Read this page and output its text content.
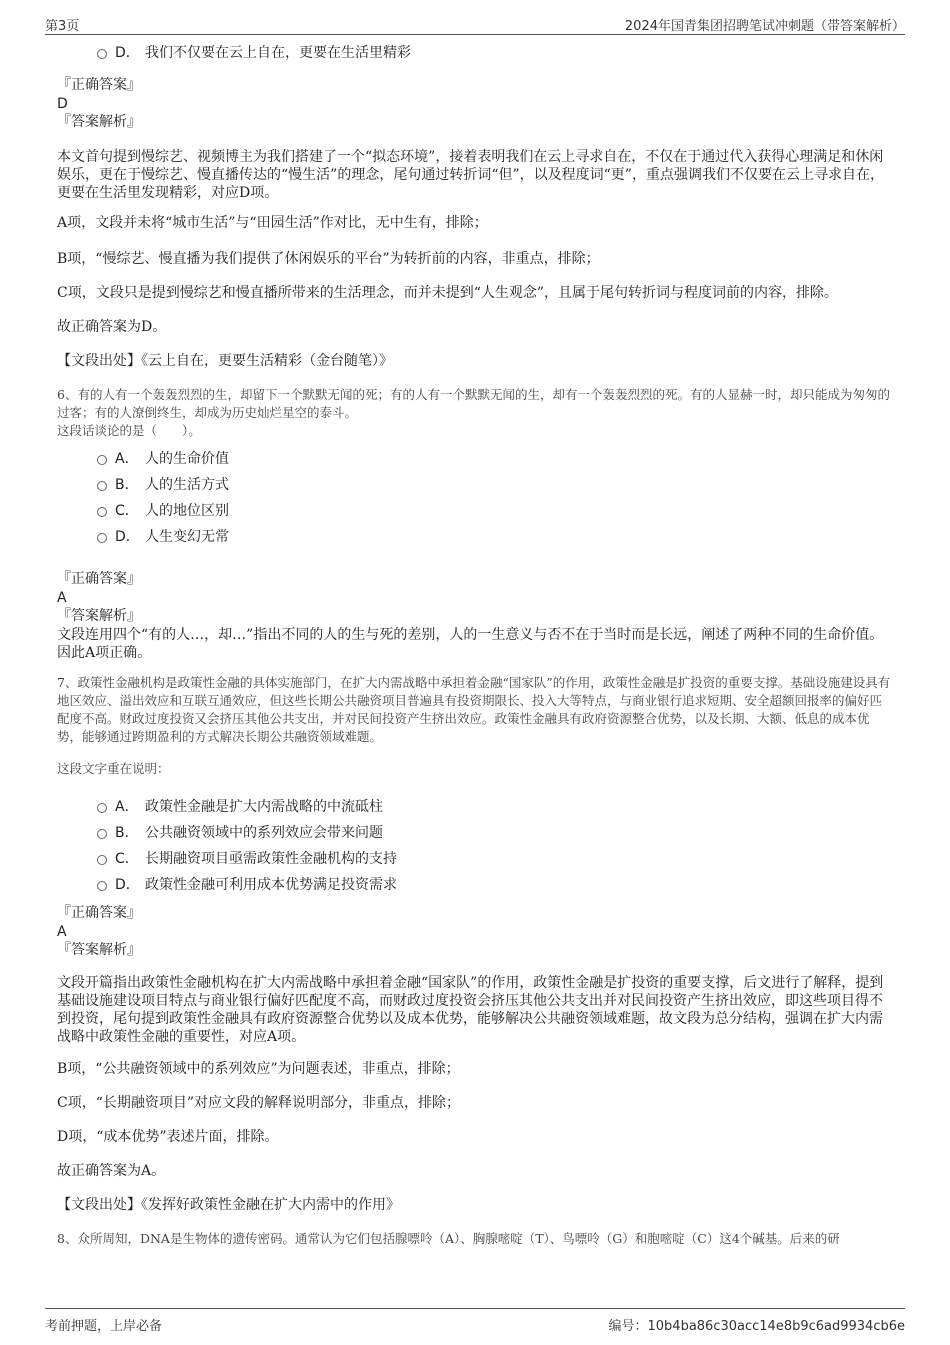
第3页	2024年国青集团招聘笔试冲刺题（带答案解析）
D． 我们不仅要在云上自在，更要在生活里精彩

『正确答案』

D

『答案解析』

本文首句提到慢综艺、视频博主为我们搭建了一个“拟态环境”，接着表明我们在云上寻求自在，不仅在于通过代入获得心理满足和休闲娱乐，更在于慢综艺、慢直播传达的“慢生活”的理念，尾句通过转折词“但”，以及程度词“更”，重点强调我们不仅要在云上寻求自在，更要在生活里发现精彩，对应D项。

A项，文段并未将“城市生活”与“田园生活”作对比，无中生有，排除；

B项，“慢综艺、慢直播为我们提供了休闲娱乐的平台”为转折前的内容，非重点，排除；

C项，文段只是提到慢综艺和慢直播所带来的生活理念，而并未提到“人生观念”，且属于尾句转折词与程度词前的内容，排除。

故正确答案为D。

【文段出处】《云上自在，更要生活精彩（金台随笔）》

6、有的人有一个轰轰烈烈的生，却留下一个默默无闻的死；有的人有一个默默无闻的生，却有一个轰轰烈烈的死。有的人显赫一时，却只能成为匆匆的过客；有的人潦倒终生，却成为历史灿烂星空的泰斗。

这段话谈论的是（　　）。

A． 人的生命价值
B． 人的生活方式
C． 人的地位区别
D． 人生变幻无常

『正确答案』

A

『答案解析』

文段连用四个“有的人…，却…”指出不同的人的生与死的差别，人的一生意义与否不在于当时而是长远，阐述了两种不同的生命价值。因此A项正确。

7、政策性金融机构是政策性金融的具体实施部门，在扩大内需战略中承担着金融“国家队”的作用，政策性金融是扩投资的重要支撑。基础设施建设具有地区效应、溢出效应和互联互通效应，但这些长期公共融资项目普遍具有投资期限长、投入大等特点，与商业银行追求短期、安全超额回报率的偏好匹配度不高。财政过度投资又会挤压其他公共支出，并对民间投资产生挤出效应。政策性金融具有政府资源整合优势，以及长期、大额、低息的成本优势，能够通过跨期盈利的方式解决长期公共融资领域难题。

这段文字重在说明：

A． 政策性金融是扩大内需战略的中流砥柱
B． 公共融资领域中的系列效应会带来问题
C． 长期融资项目亟需政策性金融机构的支持
D． 政策性金融可利用成本优势满足投资需求

『正确答案』

A

『答案解析』

文段开篇指出政策性金融机构在扩大内需战略中承担着金融“国家队”的作用，政策性金融是扩投资的重要支撑，后文进行了解释，提到基础设施建设项目特点与商业银行偏好匹配度不高，而财政过度投资会挤压其他公共支出并对民间投资产生挤出效应，即这些项目得不到投资，尾句提到政策性金融具有政府资源整合优势以及成本优势，能够解决公共融资领域难题，故文段为总分结构，强调在扩大内需战略中政策性金融的重要性，对应A项。

B项，“公共融资领域中的系列效应”为问题表述，非重点，排除；

C项，“长期融资项目”对应文段的解释说明部分，非重点，排除；

D项，“成本优势”表述片面，排除。

故正确答案为A。

【文段出处】《发挥好政策性金融在扩大内需中的作用》

8、众所周知，DNA是生物体的遗传密码。通常认为它们包括腺嘌呤（A）、胸腺嘧啶（T）、鸟嘌呤（G）和胞嘧啶（C）这4个碱基。后来的研

考前押题，上岸必备	编号：10b4ba86c30acc14e8b9c6ad9934cb6e
